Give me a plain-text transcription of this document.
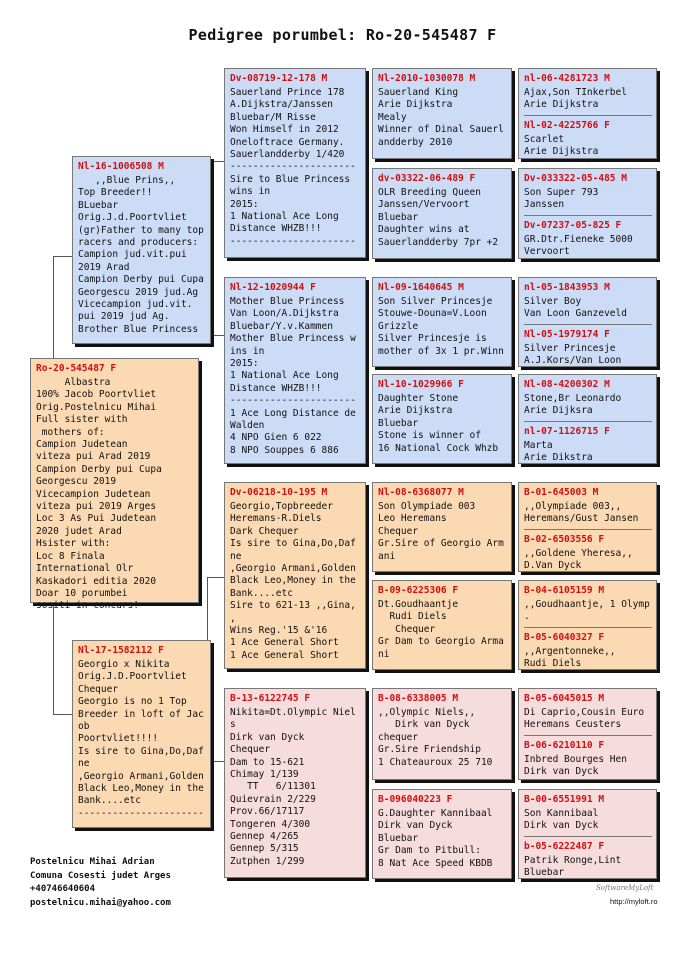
Pedigree porumbel: Ro-20-545487 F
Ro-20-545487 F
Albastra
100% Jacob Poortvliet
Orig.Postelnicu Mihai
Full sister with
mothers of:
Campion Judetean
viteza pui Arad 2019
Campion Derby pui Cupa
Georgescu 2019
Vicecampion Judetean
viteza pui 2019 Arges
Loc 3 As Pui Judetean
2020 judet Arad
Hsister with:
Loc 8 Finala
International Olr
Kaskadori editia 2020
Doar 10 porumbei
sositi in concurs!
Nl-16-1006508 M
,,Blue Prins,,
Top Breeder!!
BLuebar
Orig.J.d.Poortvliet
(gr)Father to many top
racers and producers:
Campion jud.vit.pui
2019 Arad
Campion Derby pui Cupa
Georgescu 2019 jud.Ag
Vicecampion jud.vit.
pui 2019 jud Ag.
Brother Blue Princess
Nl-17-1582112 F
Georgio x Nikita
Orig.J.D.Poortvliet
Chequer
Georgio is no 1 Top
Breeder in loft of Jac
ob
Poortvliet!!!!
Is sire to Gina,Do,Daf
ne
,Georgio Armani,Golden
Black Leo,Money in the
Bank....etc
----------------------
Dv-08719-12-178 M
Sauerland Prince 178
A.Dijkstra/Janssen
Bluebar/M Risse
Won Himself in 2012
Oneloftrace Germany.
Sauerlandderby 1/420
----------------------
Sire to Blue Princess
wins in
2015:
1 National Ace Long
Distance WHZB!!!
----------------------
Nl-12-1020944 F
Mother Blue Princess
Van Loon/A.Dijkstra
Bluebar/Y.v.Kammen
Mother Blue Princess w
ins in
2015:
1 National Ace Long
Distance WHZB!!!
----------------------
1 Ace Long Distance de
Walden
4 NPO Gien 6 022
8 NPO Souppes 6 886
Dv-06218-10-195 M
Georgio,Topbreeder
Heremans-R.Diels
Dark Chequer
Is sire to Gina,Do,Daf
ne
,Georgio Armani,Golden
Black Leo,Money in the
Bank....etc
Sire to 621-13 ,,Gina,
,
Wins Reg.'15 &'16
1 Ace General Short
1 Ace General Short
B-13-6122745 F
Nikita=Dt.Olympic Niel
s
Dirk van Dyck
Chequer
Dam to 15-621
Chimay 1/139
TT   6/11301
Quievrain 2/229
Prov.66/17117
Tongeren 4/300
Gennep 4/265
Gennep 5/315
Zutphen 1/299
Nl-2010-1030078 M
Sauerland King
Arie Dijkstra
Mealy
Winner of Dinal Sauerl
andderby 2010
dv-03322-06-489 F
OLR Breeding Queen
Janssen/Vervoort
Bluebar
Daughter wins at
Sauerlandderby 7pr +2
Nl-09-1640645 M
Son Silver Princesje
Stouwe-Douna=V.Loon
Grizzle
Silver Princesje is
mother of 3x 1 pr.Winn
Nl-10-1029966 F
Daughter Stone
Arie Dijkstra
Bluebar
Stone is winner of
16 National Cock Whzb
Nl-08-6368077 M
Son Olympiade 003
Leo Heremans
Chequer
Gr.Sire of Georgio Arm
ani
B-09-6225306 F
Dt.Goudhaantje
Rudi Diels
Chequer
Gr Dam to Georgio Arma
ni
B-08-6338005 M
,,Olympic Niels,,
Dirk van Dyck
chequer
Gr.Sire Friendship
1 Chateauroux 25 710
B-096040223 F
G.Daughter Kannibaal
Dirk van Dyck
Bluebar
Gr Dam to Pitbull:
8 Nat Ace Speed KBDB
nl-06-4281723 M
Ajax,Son TInkerbel
Arie Dijkstra
Nl-02-4225766 F
Scarlet
Arie Dijkstra
Dv-033322-05-485 M
Son Super 793
Janssen
Dv-07237-05-825 F
GR.Dtr.Fieneke 5000
Vervoort
nl-05-1843953 M
Silver Boy
Van Loon Ganzeveld
Nl-05-1979174 F
Silver Princesje
A.J.Kors/Van Loon
Nl-08-4200302 M
Stone,Br Leonardo
Arie Dijksra
nl-07-1126715 F
Marta
Arie Dikstra
B-01-645003 M
,,Olympiade 003,,
Heremans/Gust Jansen
B-02-6503556 F
,,Goldene Yheresa,,
D.Van Dyck
B-04-6105159 M
,,Goudhaantje, 1 Olymp
.
B-05-6040327 F
,,Argentonneke,,
Rudi Diels
B-05-6045015 M
Di Caprio,Cousin Euro
Heremans Ceusters
B-06-6210110 F
Inbred Bourges Hen
Dirk van Dyck
B-00-6551991 M
Son Kannibaal
Dirk van Dyck
b-05-6222487 F
Patrik Ronge,Lint
Bluebar
Postelnicu Mihai Adrian
Comuna Cosesti judet Arges
+40746640604
postelnicu.mihai@yahoo.com
SoftwareMyLoft
http://myloft.ro
